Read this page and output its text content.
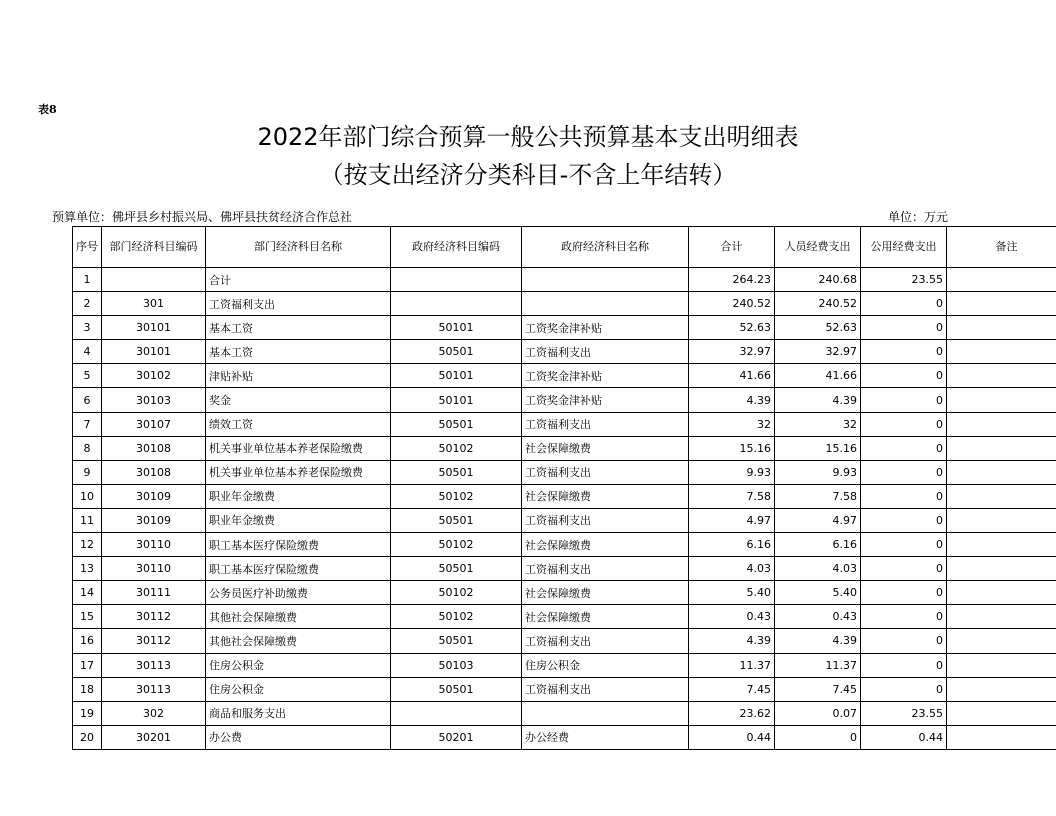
表8
2022年部门综合预算一般公共预算基本支出明细表
（按支出经济分类科目-不含上年结转）
预算单位：佛坪县乡村振兴局、佛坪县扶贫经济合作总社	单位：万元
序号	部门经济科目编码	部门经济科目名称	政府经济科目编码	政府经济科目名称	合计	人员经费支出	公用经费支出	备注
1		合计			264.23	240.68	23.55	
2	301	工资福利支出			240.52	240.52	0	
3	30101	基本工资	50101	工资奖金津补贴	52.63	52.63	0	
4	30101	基本工资	50501	工资福利支出	32.97	32.97	0	
5	30102	津贴补贴	50101	工资奖金津补贴	41.66	41.66	0	
6	30103	奖金	50101	工资奖金津补贴	4.39	4.39	0	
7	30107	绩效工资	50501	工资福利支出	32	32	0	
8	30108	机关事业单位基本养老保险缴费	50102	社会保障缴费	15.16	15.16	0	
9	30108	机关事业单位基本养老保险缴费	50501	工资福利支出	9.93	9.93	0	
10	30109	职业年金缴费	50102	社会保障缴费	7.58	7.58	0	
11	30109	职业年金缴费	50501	工资福利支出	4.97	4.97	0	
12	30110	职工基本医疗保险缴费	50102	社会保障缴费	6.16	6.16	0	
13	30110	职工基本医疗保险缴费	50501	工资福利支出	4.03	4.03	0	
14	30111	公务员医疗补助缴费	50102	社会保障缴费	5.40	5.40	0	
15	30112	其他社会保障缴费	50102	社会保障缴费	0.43	0.43	0	
16	30112	其他社会保障缴费	50501	工资福利支出	4.39	4.39	0	
17	30113	住房公积金	50103	住房公积金	11.37	11.37	0	
18	30113	住房公积金	50501	工资福利支出	7.45	7.45	0	
19	302	商品和服务支出			23.62	0.07	23.55	
20	30201	办公费	50201	办公经费	0.44	0	0.44	
